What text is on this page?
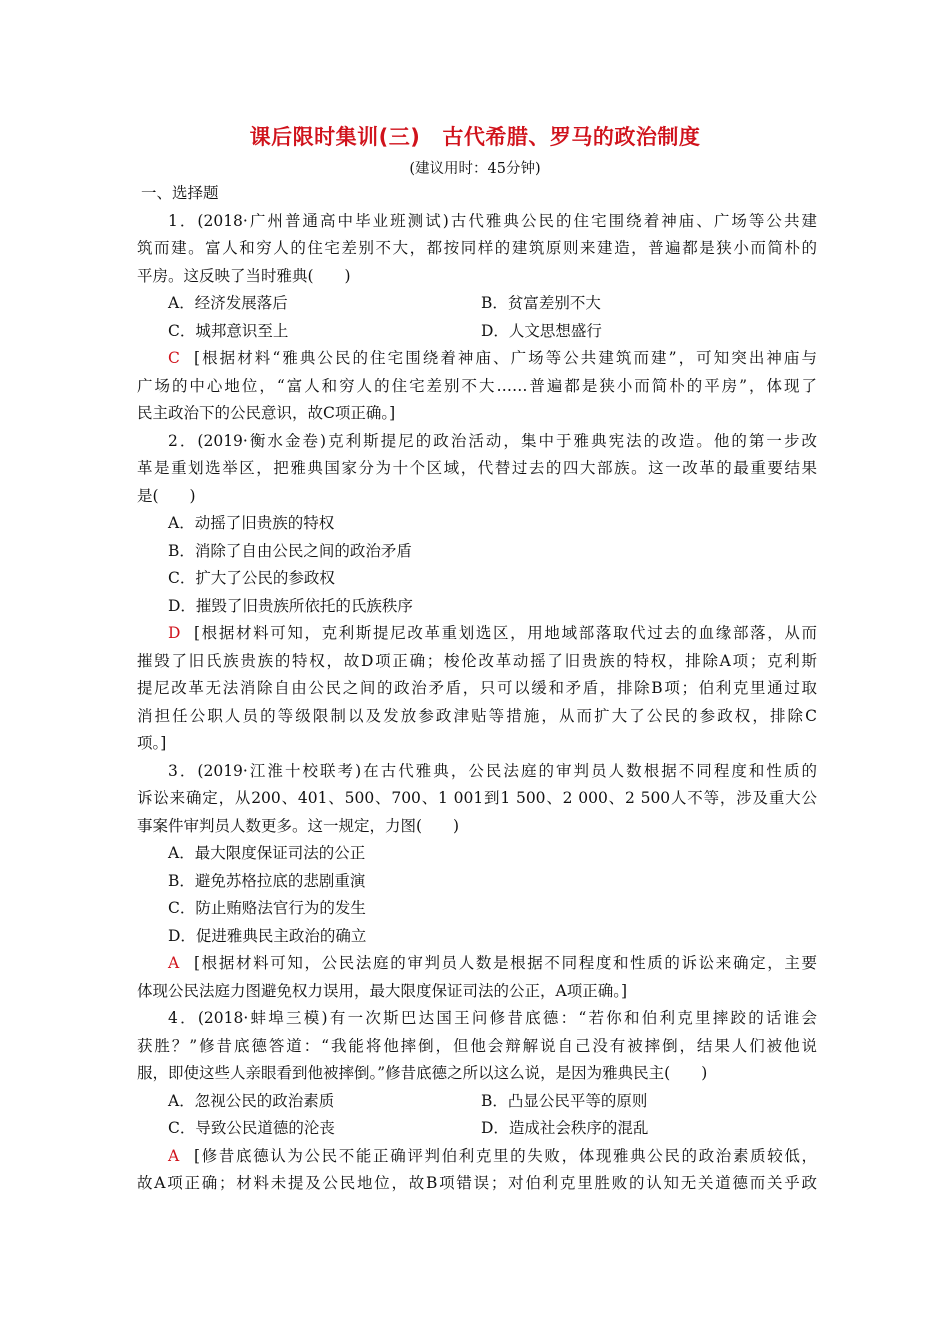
课后限时集训(三) 古代希腊、罗马的政治制度
(建议用时：45分钟)
一、选择题
1．(2018·广州普通高中毕业班测试)古代雅典公民的住宅围绕着神庙、广场等公共建
筑而建。富人和穷人的住宅差别不大，都按同样的建筑原则来建造，普遍都是狭小而简朴的
平房。这反映了当时雅典(　　)
A．经济发展落后	B．贫富差别不大
C．城邦意识至上	D．人文思想盛行
C [根据材料“雅典公民的住宅围绕着神庙、广场等公共建筑而建”，可知突出神庙与
广场的中心地位，“富人和穷人的住宅差别不大……普遍都是狭小而简朴的平房”，体现了
民主政治下的公民意识，故C项正确。]
2．(2019·衡水金卷)克利斯提尼的政治活动，集中于雅典宪法的改造。他的第一步改
革是重划选举区，把雅典国家分为十个区域，代替过去的四大部族。这一改革的最重要结果
是(　　)
A．动摇了旧贵族的特权
B．消除了自由公民之间的政治矛盾
C．扩大了公民的参政权
D．摧毁了旧贵族所依托的氏族秩序
D [根据材料可知，克利斯提尼改革重划选区，用地域部落取代过去的血缘部落，从而
摧毁了旧氏族贵族的特权，故D项正确；梭伦改革动摇了旧贵族的特权，排除A项；克利斯
提尼改革无法消除自由公民之间的政治矛盾，只可以缓和矛盾，排除B项；伯利克里通过取
消担任公职人员的等级限制以及发放参政津贴等措施，从而扩大了公民的参政权，排除C
项。]
3．(2019·江淮十校联考)在古代雅典，公民法庭的审判员人数根据不同程度和性质的
诉讼来确定，从200、401、500、700、1 001到1 500、2 000、2 500人不等，涉及重大公
事案件审判员人数更多。这一规定，力图(　　)
A．最大限度保证司法的公正
B．避免苏格拉底的悲剧重演
C．防止贿赂法官行为的发生
D．促进雅典民主政治的确立
A [根据材料可知，公民法庭的审判员人数是根据不同程度和性质的诉讼来确定，主要
体现公民法庭力图避免权力误用，最大限度保证司法的公正，A项正确。]
4．(2018·蚌埠三模)有一次斯巴达国王问修昔底德：“若你和伯利克里摔跤的话谁会
获胜？”修昔底德答道：“我能将他摔倒，但他会辩解说自己没有被摔倒，结果人们被他说
服，即使这些人亲眼看到他被摔倒。”修昔底德之所以这么说，是因为雅典民主(　　)
A．忽视公民的政治素质	B．凸显公民平等的原则
C．导致公民道德的沦丧	D．造成社会秩序的混乱
A [修昔底德认为公民不能正确评判伯利克里的失败，体现雅典公民的政治素质较低，
故A项正确；材料未提及公民地位，故B项错误；对伯利克里胜败的认知无关道德而关乎政
